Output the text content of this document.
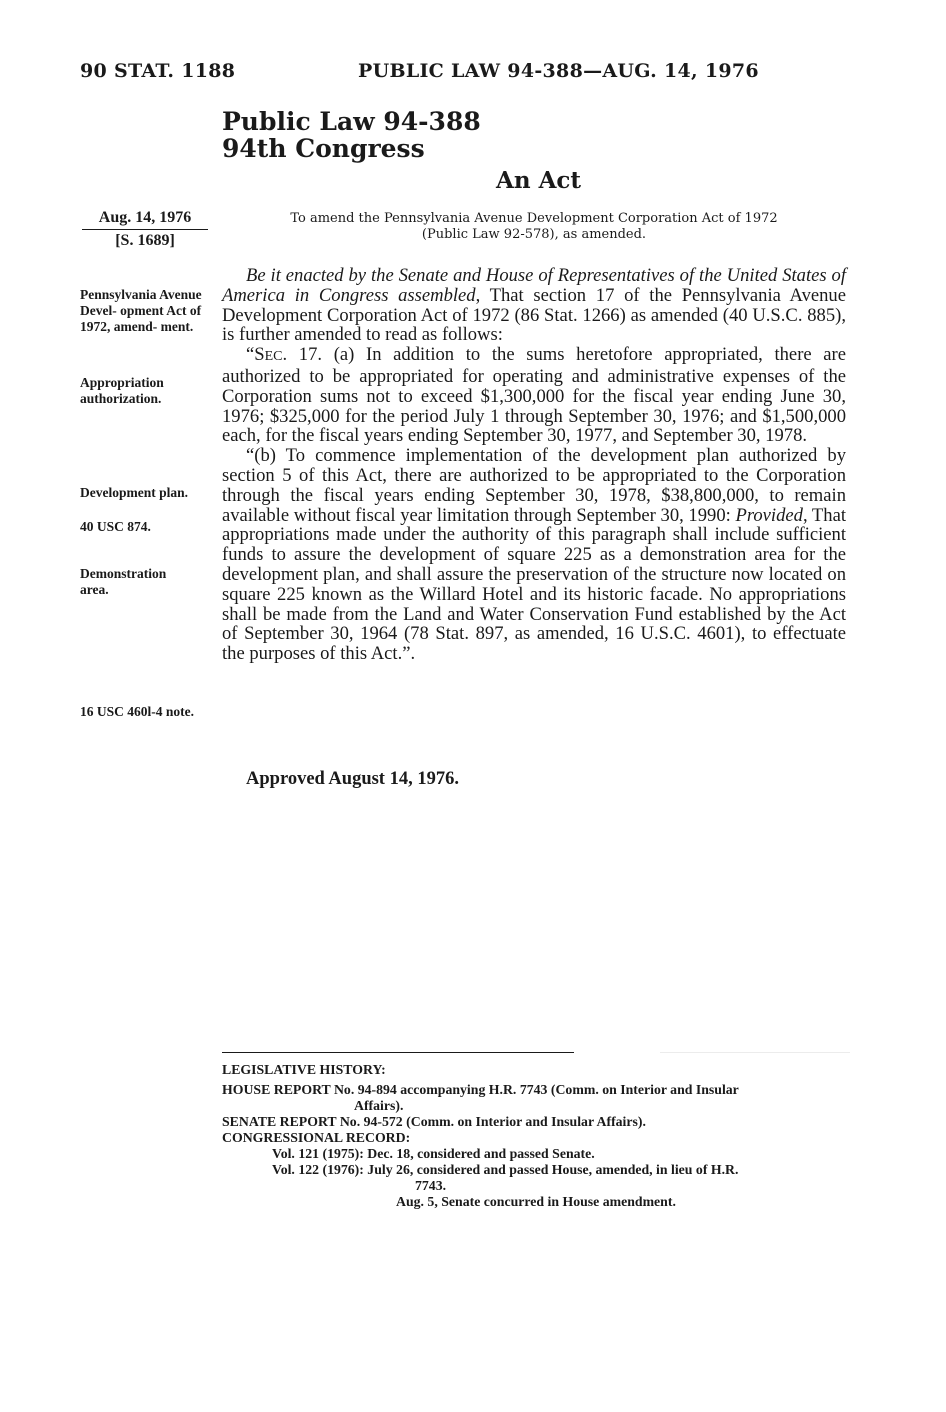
90 STAT. 1188	PUBLIC LAW 94-388—AUG. 14, 1976
Public Law 94-388
94th Congress
An Act
Aug. 14, 1976
[S. 1689]
To amend the Pennsylvania Avenue Development Corporation Act of 1972
(Public Law 92-578), as amended.
Pennsylvania Avenue Devel- opment Act of 1972, amend- ment.
Appropriation authorization.
Development plan.
40 USC 874.
Demonstration area.
16 USC 460l-4 note.

Be it enacted by the Senate and House of Representatives of the United States of America in Congress assembled, That section 17 of the Pennsylvania Avenue Development Corporation Act of 1972 (86 Stat. 1266) as amended (40 U.S.C. 885), is further amended to read as follows:

“SEC. 17. (a) In addition to the sums heretofore appropriated, there are authorized to be appropriated for operating and administrative expenses of the Corporation sums not to exceed $1,300,000 for the fiscal year ending June 30, 1976; $325,000 for the period July 1 through September 30, 1976; and $1,500,000 each, for the fiscal years ending September 30, 1977, and September 30, 1978.

“(b) To commence implementation of the development plan authorized by section 5 of this Act, there are authorized to be appropriated to the Corporation through the fiscal years ending September 30, 1978, $38,800,000, to remain available without fiscal year limitation through September 30, 1990: Provided, That appropriations made under the authority of this paragraph shall include sufficient funds to assure the development of square 225 as a demonstration area for the development plan, and shall assure the preservation of the structure now located on square 225 known as the Willard Hotel and its historic facade. No appropriations shall be made from the Land and Water Conservation Fund established by the Act of September 30, 1964 (78 Stat. 897, as amended, 16 U.S.C. 4601), to effectuate the purposes of this Act.”.

Approved August 14, 1976.
LEGISLATIVE HISTORY:
HOUSE REPORT No. 94-894 accompanying H.R. 7743 (Comm. on Interior and Insular
Affairs).
SENATE REPORT No. 94-572 (Comm. on Interior and Insular Affairs).
CONGRESSIONAL RECORD:
Vol. 121 (1975): Dec. 18, considered and passed Senate.
Vol. 122 (1976): July 26, considered and passed House, amended, in lieu of H.R.
7743.
Aug. 5, Senate concurred in House amendment.
